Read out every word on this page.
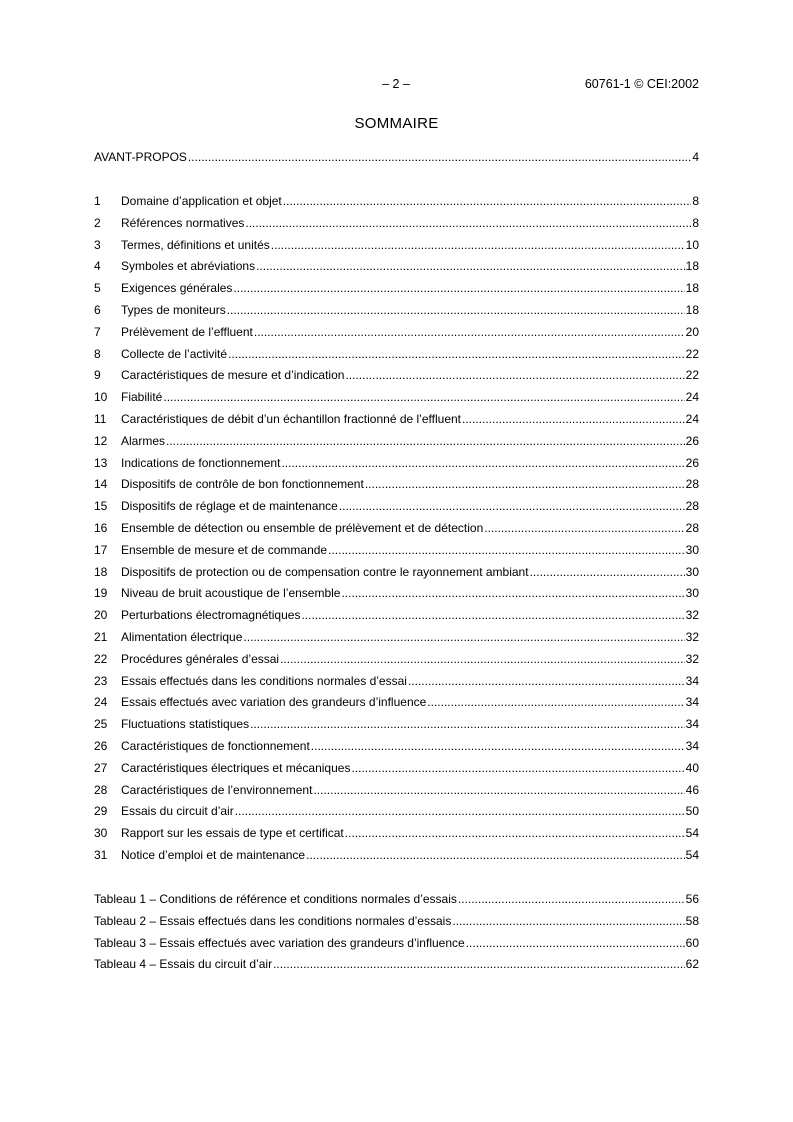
– 2 –	60761-1 © CEI:2002
SOMMAIRE
AVANT-PROPOS .....	4
1	Domaine d’application et objet .....	8
2	Références normatives .....	8
3	Termes, définitions et unités .....	10
4	Symboles et abréviations .....	18
5	Exigences générales .....	18
6	Types de moniteurs .....	18
7	Prélèvement de l’effluent .....	20
8	Collecte de l’activité .....	22
9	Caractéristiques de mesure et d’indication .....	22
10	Fiabilité .....	24
11	Caractéristiques de débit d’un échantillon fractionné de l’effluent .....	24
12	Alarmes .....	26
13	Indications de fonctionnement .....	26
14	Dispositifs de contrôle de bon fonctionnement .....	28
15	Dispositifs de réglage et de maintenance .....	28
16	Ensemble de détection ou ensemble de prélèvement et de détection .....	28
17	Ensemble de mesure et de commande .....	30
18	Dispositifs de protection ou de compensation contre le rayonnement ambiant .....	30
19	Niveau de bruit acoustique de l’ensemble .....	30
20	Perturbations électromagnétiques .....	32
21	Alimentation électrique .....	32
22	Procédures générales d’essai .....	32
23	Essais effectués dans les conditions normales d’essai .....	34
24	Essais effectués avec variation des grandeurs d’influence .....	34
25	Fluctuations statistiques .....	34
26	Caractéristiques de fonctionnement .....	34
27	Caractéristiques électriques et mécaniques .....	40
28	Caractéristiques de l’environnement .....	46
29	Essais du circuit d’air .....	50
30	Rapport sur les essais de type et certificat .....	54
31	Notice d’emploi et de maintenance .....	54
Tableau 1 – Conditions de référence et conditions normales d’essais .....	56
Tableau 2 – Essais effectués dans les conditions normales d’essais .....	58
Tableau 3 – Essais effectués avec variation des grandeurs d’influence .....	60
Tableau 4 – Essais du circuit d’air .....	62
